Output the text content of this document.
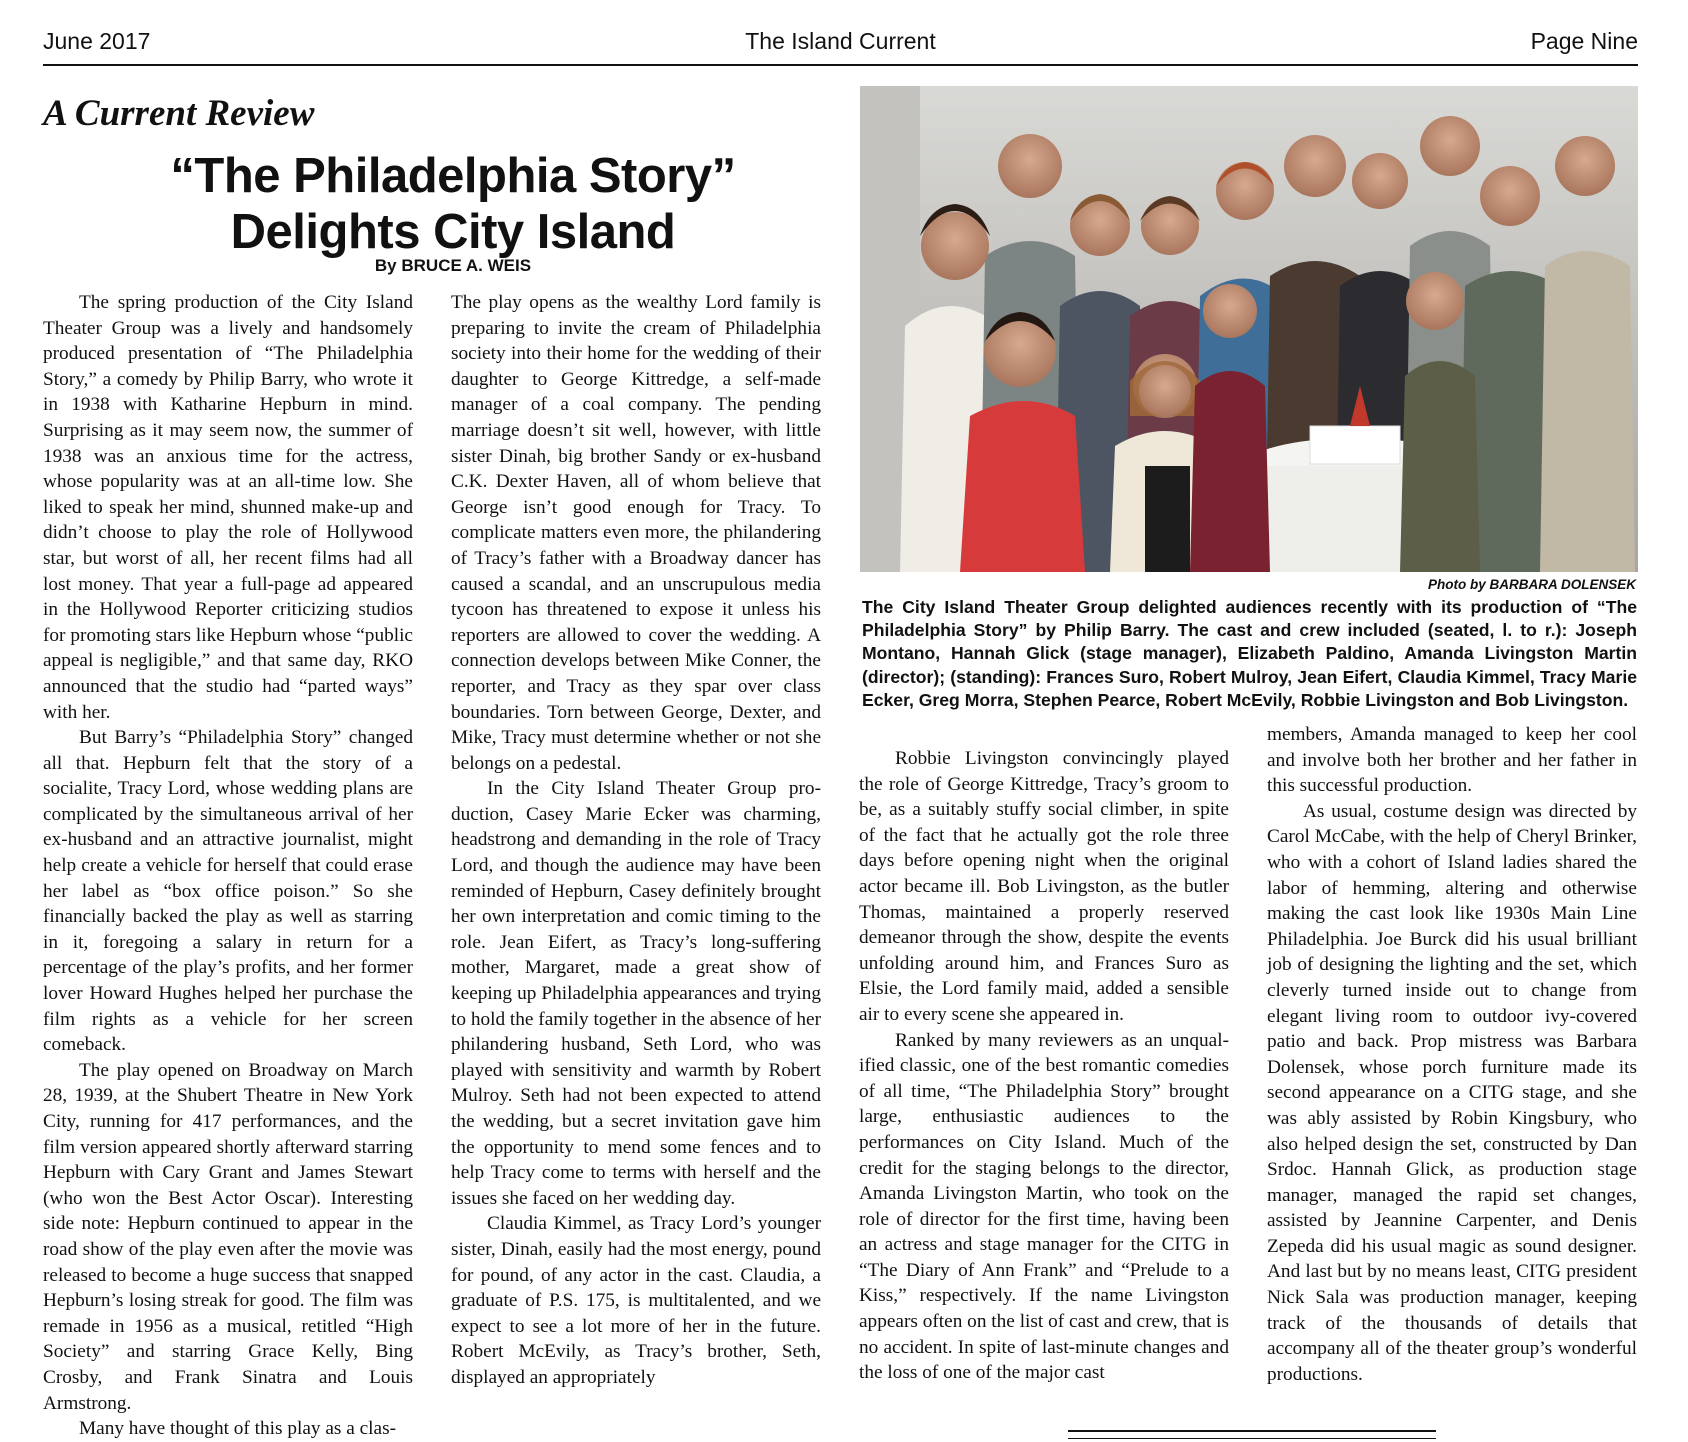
June 2017	The Island Current	Page Nine
A Current Review
“The Philadelphia Story”
Delights City Island
By BRUCE A. WEIS

The spring production of the City Island Theater Group was a lively and handsomely produced presentation of “The Philadelphia Story,” a comedy by Philip Barry, who wrote it in 1938 with Katharine Hepburn in mind. Surprising as it may seem now, the summer of 1938 was an anxious time for the actress, whose popularity was at an all-time low. She liked to speak her mind, shunned make-up and didn’t choose to play the role of Hollywood star, but worst of all, her recent films had all lost money. That year a full-page ad appeared in the Hollywood Reporter criticizing studios for promoting stars like Hepburn whose “public appeal is negligible,” and that same day, RKO announced that the studio had “parted ways” with her.

But Barry’s “Philadelphia Story” changed all that. Hepburn felt that the story of a socialite, Tracy Lord, whose wedding plans are complicated by the simultaneous arrival of her ex-husband and an attractive journalist, might help create a vehicle for herself that could erase her label as “box office poison.” So she financially backed the play as well as starring in it, foregoing a salary in return for a percentage of the play’s profits, and her former lover Howard Hughes helped her purchase the film rights as a vehicle for her screen comeback.

The play opened on Broadway on March 28, 1939, at the Shubert Theatre in New York City, running for 417 performances, and the film version appeared shortly afterward starring Hepburn with Cary Grant and James Stewart (who won the Best Actor Oscar). Interesting side note: Hepburn continued to appear in the road show of the play even after the movie was released to become a huge success that snapped Hepburn’s losing streak for good. The film was remade in 1956 as a musical, retitled “High Society” and starring Grace Kelly, Bing Crosby, and Frank Sinatra and Louis Armstrong.

Many have thought of this play as a clas-

The play opens as the wealthy Lord family is preparing to invite the cream of Philadelphia society into their home for the wedding of their daughter to George Kittredge, a self-made manager of a coal company. The pending marriage doesn’t sit well, however, with little sister Dinah, big brother Sandy or ex-husband C.K. Dexter Haven, all of whom believe that George isn’t good enough for Tracy. To complicate matters even more, the philandering of Tracy’s father with a Broadway dancer has caused a scandal, and an unscrupulous media tycoon has threatened to expose it unless his reporters are allowed to cover the wedding. A connection develops between Mike Conner, the reporter, and Tracy as they spar over class boundaries. Torn between George, Dexter, and Mike, Tracy must determine whether or not she belongs on a pedestal.

In the City Island Theater Group production, Casey Marie Ecker was charming, headstrong and demanding in the role of Tracy Lord, and though the audience may have been reminded of Hepburn, Casey definitely brought her own interpretation and comic timing to the role. Jean Eifert, as Tracy’s long-suffering mother, Margaret, made a great show of keeping up Philadelphia appearances and trying to hold the family together in the absence of her philandering husband, Seth Lord, who was played with sensitivity and warmth by Robert Mulroy. Seth had not been expected to attend the wedding, but a secret invitation gave him the opportunity to mend some fences and to help Tracy come to terms with herself and the issues she faced on her wedding day.

Claudia Kimmel, as Tracy Lord’s younger sister, Dinah, easily had the most energy, pound for pound, of any actor in the cast. Claudia, a graduate of P.S. 175, is multitalented, and we expect to see a lot more of her in the future. Robert McEvily, as Tracy’s brother, Seth, displayed an appropriately

Photo by BARBARA DOLENSEK
The City Island Theater Group delighted audiences recently with its production of “The Philadelphia Story” by Philip Barry. The cast and crew included (seated, l. to r.): Joseph Montano, Hannah Glick (stage manager), Elizabeth Paldino, Amanda Livingston Martin (director); (standing): Frances Suro, Robert Mulroy, Jean Eifert, Claudia Kimmel, Tracy Marie Ecker, Greg Morra, Stephen Pearce, Robert McEvily, Robbie Livingston and Bob Livingston.

Robbie Livingston convincingly played the role of George Kittredge, Tracy’s groom to be, as a suitably stuffy social climber, in spite of the fact that he actually got the role three days before opening night when the original actor became ill. Bob Livingston, as the butler Thomas, maintained a properly reserved demeanor through the show, despite the events unfolding around him, and Frances Suro as Elsie, the Lord family maid, added a sensible air to every scene she appeared in.

Ranked by many reviewers as an unqualified classic, one of the best romantic comedies of all time, “The Philadelphia Story” brought large, enthusiastic audiences to the performances on City Island. Much of the credit for the staging belongs to the director, Amanda Livingston Martin, who took on the role of director for the first time, having been an actress and stage manager for the CITG in “The Diary of Ann Frank” and “Prelude to a Kiss,” respectively. If the name Livingston appears often on the list of cast and crew, that is no accident. In spite of last-minute changes and the loss of one of the major cast

members, Amanda managed to keep her cool and involve both her brother and her father in this successful production.

As usual, costume design was directed by Carol McCabe, with the help of Cheryl Brinker, who with a cohort of Island ladies shared the labor of hemming, altering and otherwise making the cast look like 1930s Main Line Philadelphia. Joe Burck did his usual brilliant job of designing the lighting and the set, which cleverly turned inside out to change from elegant living room to outdoor ivy-covered patio and back. Prop mistress was Barbara Dolensek, whose porch furniture made its second appearance on a CITG stage, and she was ably assisted by Robin Kingsbury, who also helped design the set, constructed by Dan Srdoc. Hannah Glick, as production stage manager, managed the rapid set changes, assisted by Jeannine Carpenter, and Denis Zepeda did his usual magic as sound designer. And last but by no means least, CITG president Nick Sala was production manager, keeping track of the thousands of details that accompany all of the theater group’s wonderful productions.
